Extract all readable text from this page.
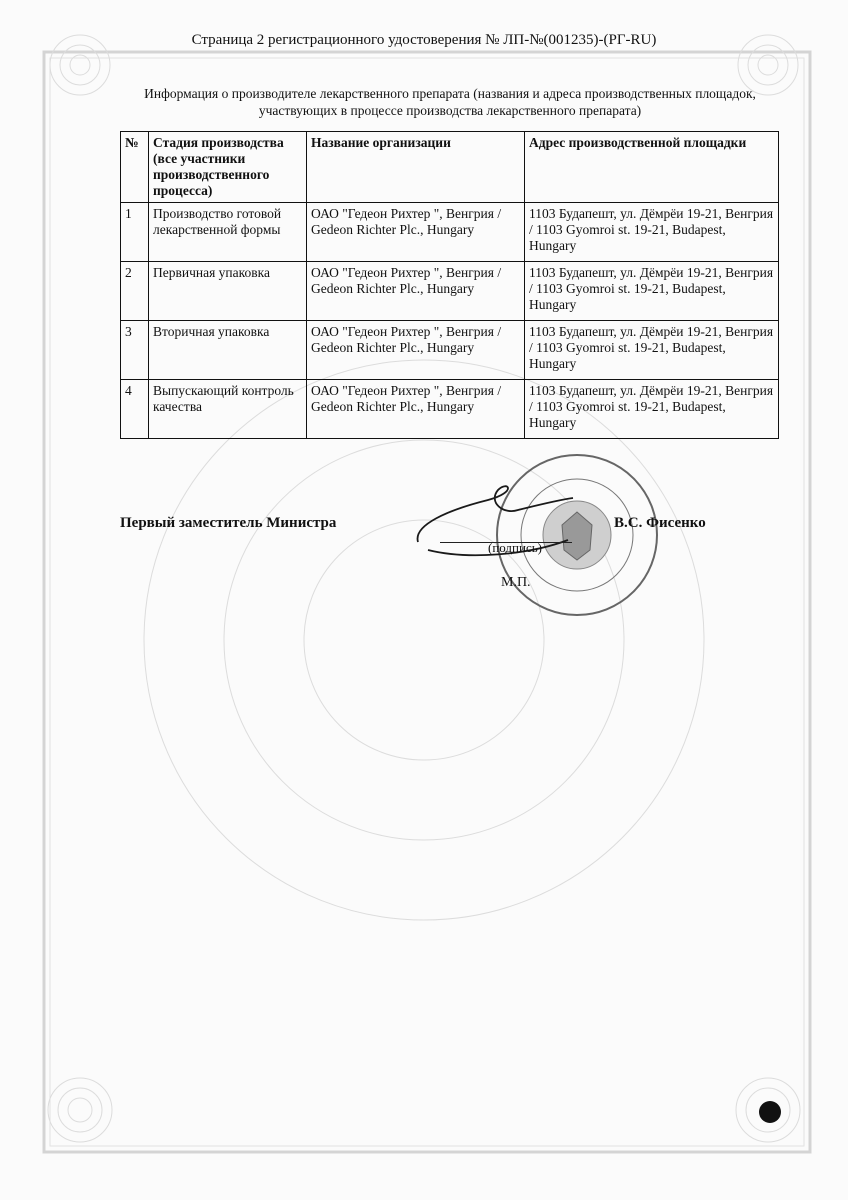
Страница 2 регистрационного удостоверения № ЛП-№(001235)-(РГ-RU)
Информация о производителе лекарственного препарата (названия и адреса производственных площадок, участвующих в процессе производства лекарственного препарата)
№	Стадия производства (все участники производственного процесса)	Название организации	Адрес производственной площадки
1	Производство готовой лекарственной формы	ОАО "Гедеон Рихтер ", Венгрия / Gedeon Richter Plc., Hungary	1103 Будапешт, ул. Дёмрёи 19-21, Венгрия / 1103 Gyomroi st. 19-21, Budapest, Hungary
2	Первичная упаковка	ОАО "Гедеон Рихтер ", Венгрия / Gedeon Richter Plc., Hungary	1103 Будапешт, ул. Дёмрёи 19-21, Венгрия / 1103 Gyomroi st. 19-21, Budapest, Hungary
3	Вторичная упаковка	ОАО "Гедеон Рихтер ", Венгрия / Gedeon Richter Plc., Hungary	1103 Будапешт, ул. Дёмрёи 19-21, Венгрия / 1103 Gyomroi st. 19-21, Budapest, Hungary
4	Выпускающий контроль качества	ОАО "Гедеон Рихтер ", Венгрия / Gedeon Richter Plc., Hungary	1103 Будапешт, ул. Дёмрёи 19-21, Венгрия / 1103 Gyomroi st. 19-21, Budapest, Hungary
Первый заместитель Министра
(подпись)
В.С. Фисенко
М.П.
